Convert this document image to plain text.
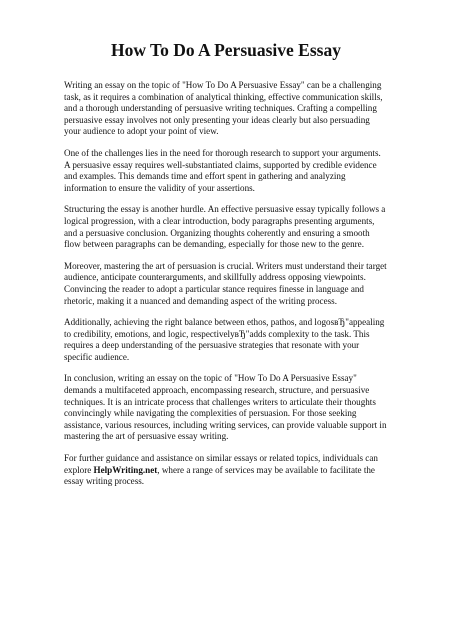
How To Do A Persuasive Essay

Writing an essay on the topic of "How To Do A Persuasive Essay" can be a challenging task, as it requires a combination of analytical thinking, effective communication skills, and a thorough understanding of persuasive writing techniques. Crafting a compelling persuasive essay involves not only presenting your ideas clearly but also persuading your audience to adopt your point of view.

One of the challenges lies in the need for thorough research to support your arguments. A persuasive essay requires well-substantiated claims, supported by credible evidence and examples. This demands time and effort spent in gathering and analyzing information to ensure the validity of your assertions.

Structuring the essay is another hurdle. An effective persuasive essay typically follows a logical progression, with a clear introduction, body paragraphs presenting arguments, and a persuasive conclusion. Organizing thoughts coherently and ensuring a smooth flow between paragraphs can be demanding, especially for those new to the genre.

Moreover, mastering the art of persuasion is crucial. Writers must understand their target audience, anticipate counterarguments, and skillfully address opposing viewpoints. Convincing the reader to adopt a particular stance requires finesse in language and rhetoric, making it a nuanced and demanding aspect of the writing process.

Additionally, achieving the right balance between ethos, pathos, and logosвЂ"appealing to credibility, emotions, and logic, respectivelyвЂ"adds complexity to the task. This requires a deep understanding of the persuasive strategies that resonate with your specific audience.

In conclusion, writing an essay on the topic of "How To Do A Persuasive Essay" demands a multifaceted approach, encompassing research, structure, and persuasive techniques. It is an intricate process that challenges writers to articulate their thoughts convincingly while navigating the complexities of persuasion. For those seeking assistance, various resources, including writing services, can provide valuable support in mastering the art of persuasive essay writing.

For further guidance and assistance on similar essays or related topics, individuals can explore HelpWriting.net, where a range of services may be available to facilitate the essay writing process.
